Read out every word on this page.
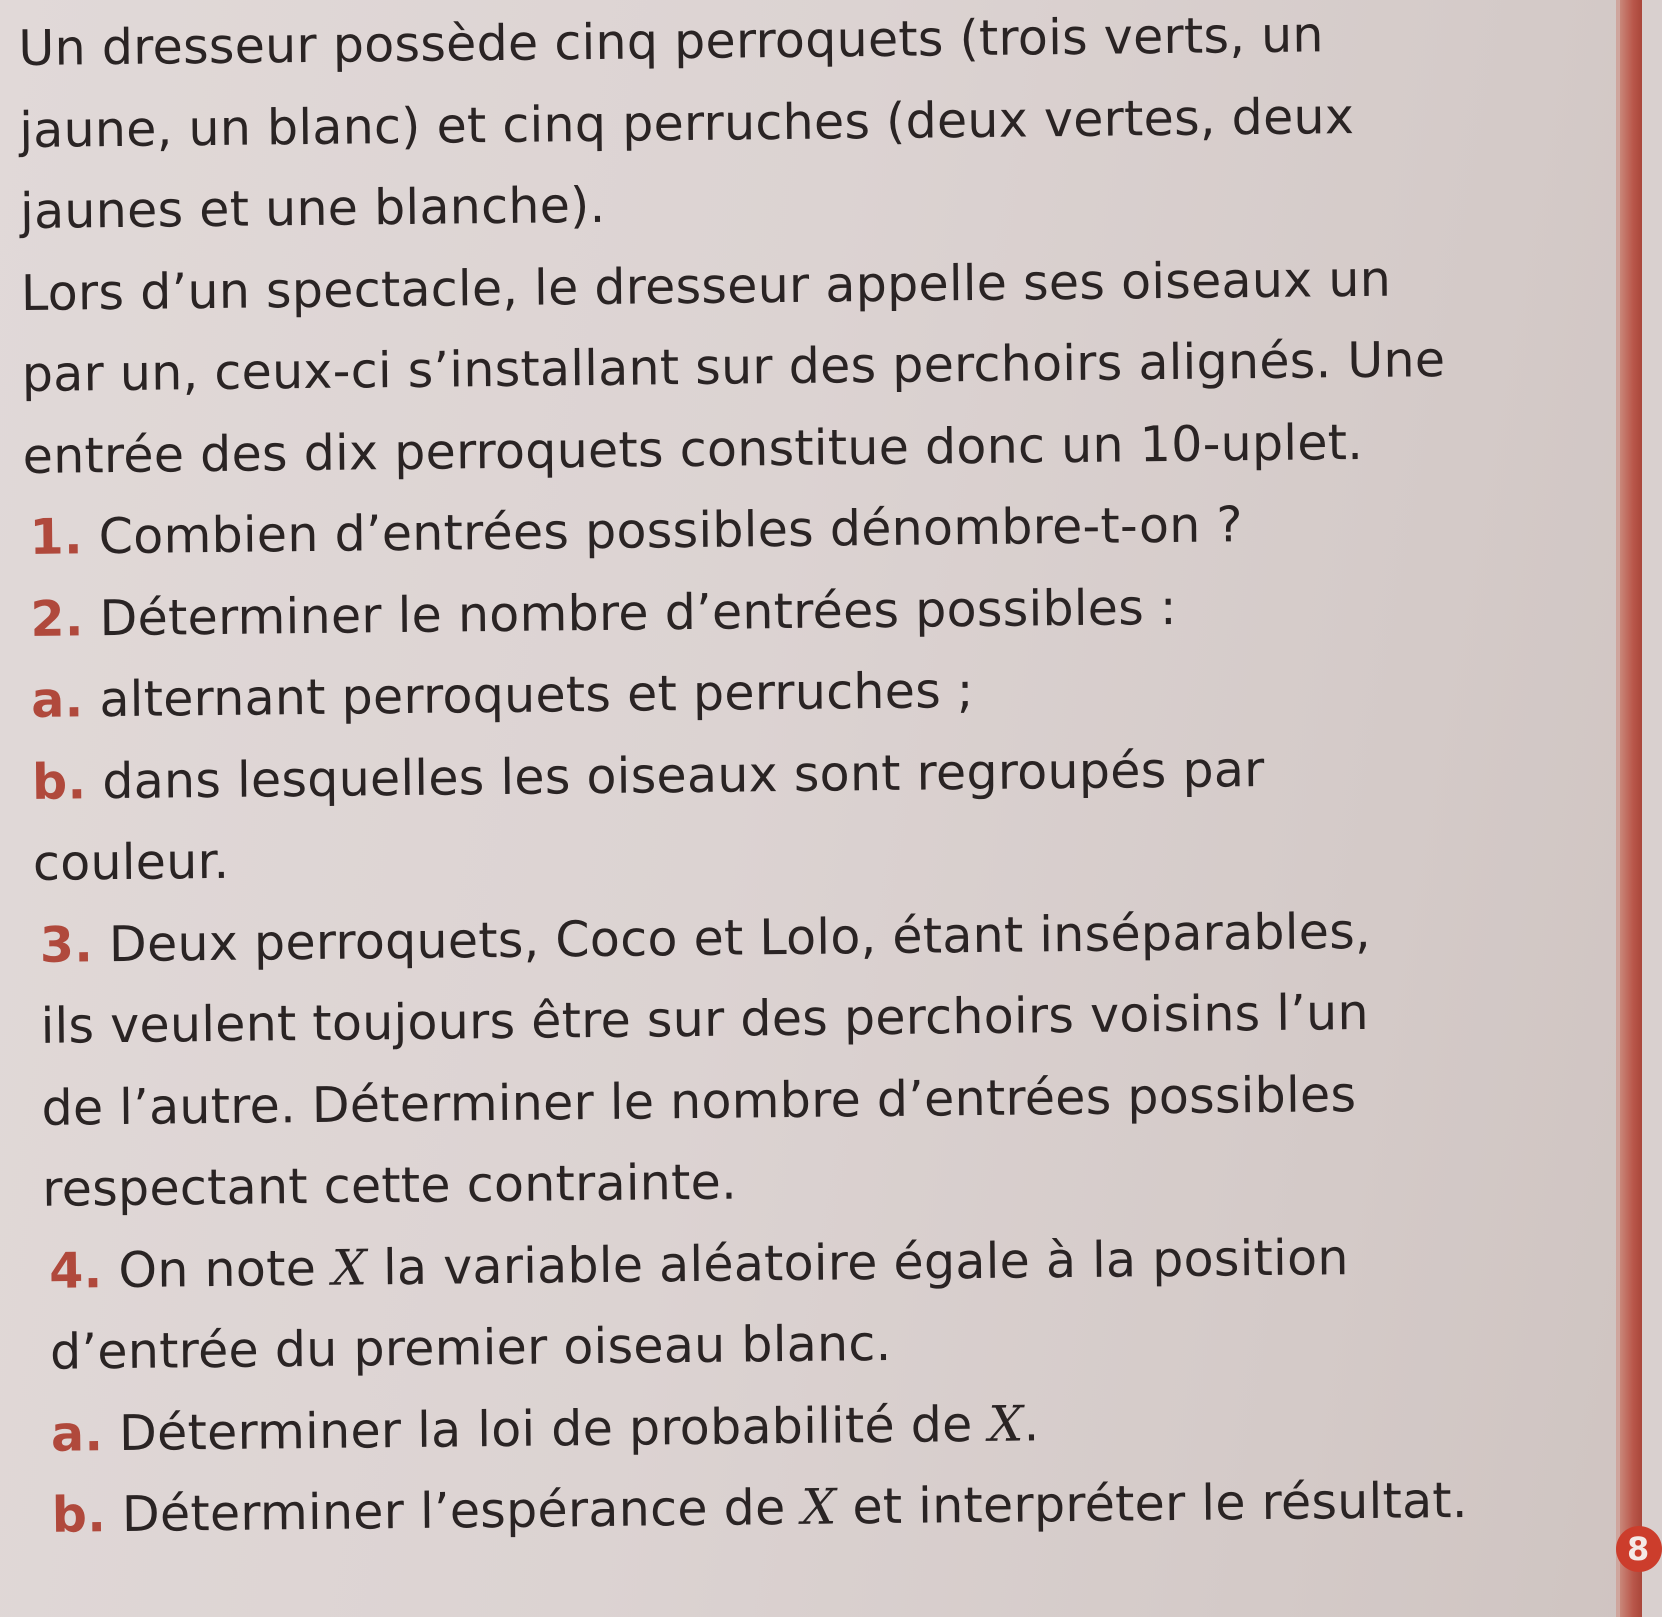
Un dresseur possède cinq perroquets (trois verts, un
jaune, un blanc) et cinq perruches (deux vertes, deux
jaunes et une blanche).
Lors d’un spectacle, le dresseur appelle ses oiseaux un
par un, ceux-ci s’installant sur des perchoirs alignés. Une
entrée des dix perroquets constitue donc un 10-uplet.
1. Combien d’entrées possibles dénombre-t-on ?
2. Déterminer le nombre d’entrées possibles :
a. alternant perroquets et perruches ;
b. dans lesquelles les oiseaux sont regroupés par
couleur.
3. Deux perroquets, Coco et Lolo, étant inséparables,
ils veulent toujours être sur des perchoirs voisins l’un
de l’autre. Déterminer le nombre d’entrées possibles
respectant cette contrainte.
4. On note X la variable aléatoire égale à la position
d’entrée du premier oiseau blanc.
a. Déterminer la loi de probabilité de X.
b. Déterminer l’espérance de X et interpréter le résultat.
8
